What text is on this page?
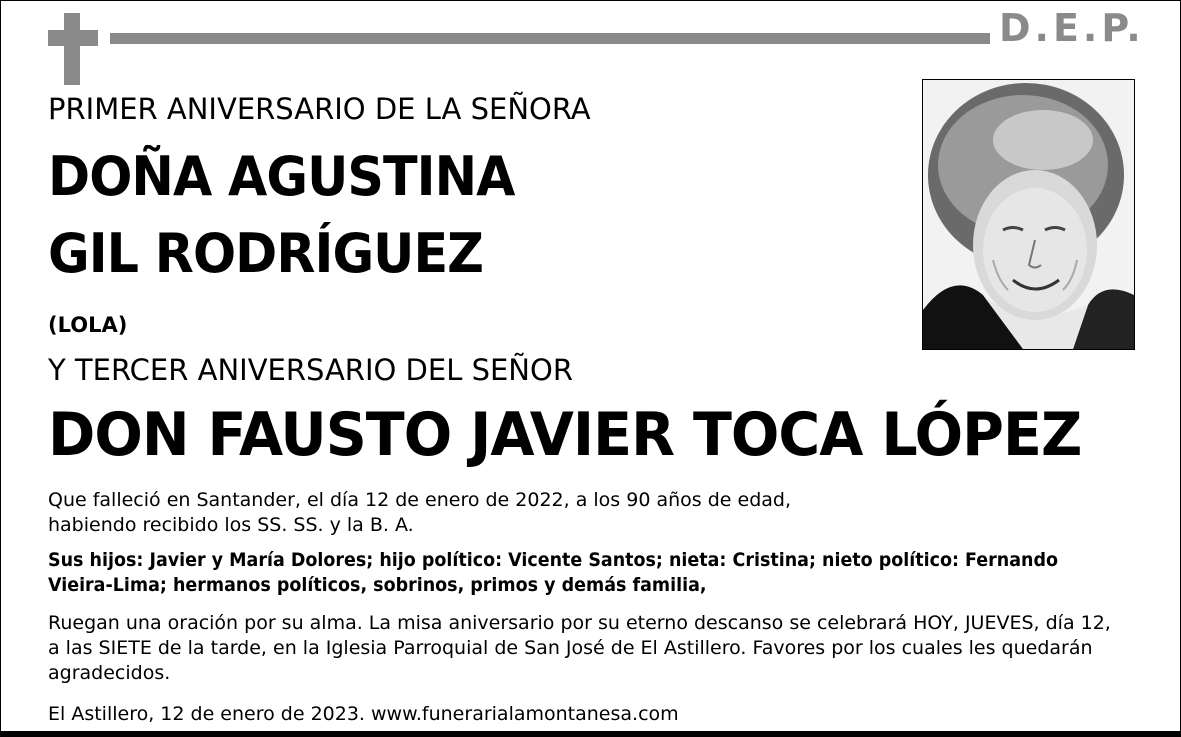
D.E.P.
PRIMER ANIVERSARIO DE LA SEÑORA
DOÑA AGUSTINA
GIL RODRÍGUEZ
(LOLA)
Y TERCER ANIVERSARIO DEL SEÑOR
DON FAUSTO JAVIER TOCA LÓPEZ
Que falleció en Santander, el día 12 de enero de 2022, a los 90 años de edad,
habiendo recibido los SS. SS. y la B. A.
Sus hijos: Javier y María Dolores; hijo político: Vicente Santos; nieta: Cristina; nieto político: Fernando
Vieira-Lima; hermanos políticos, sobrinos, primos y demás familia,
Ruegan una oración por su alma. La misa aniversario por su eterno descanso se celebrará HOY, JUEVES, día 12,
a las SIETE de la tarde, en la Iglesia Parroquial de San José de El Astillero. Favores por los cuales les quedarán
agradecidos.
El Astillero, 12 de enero de 2023. www.funerarialamontanesa.com
